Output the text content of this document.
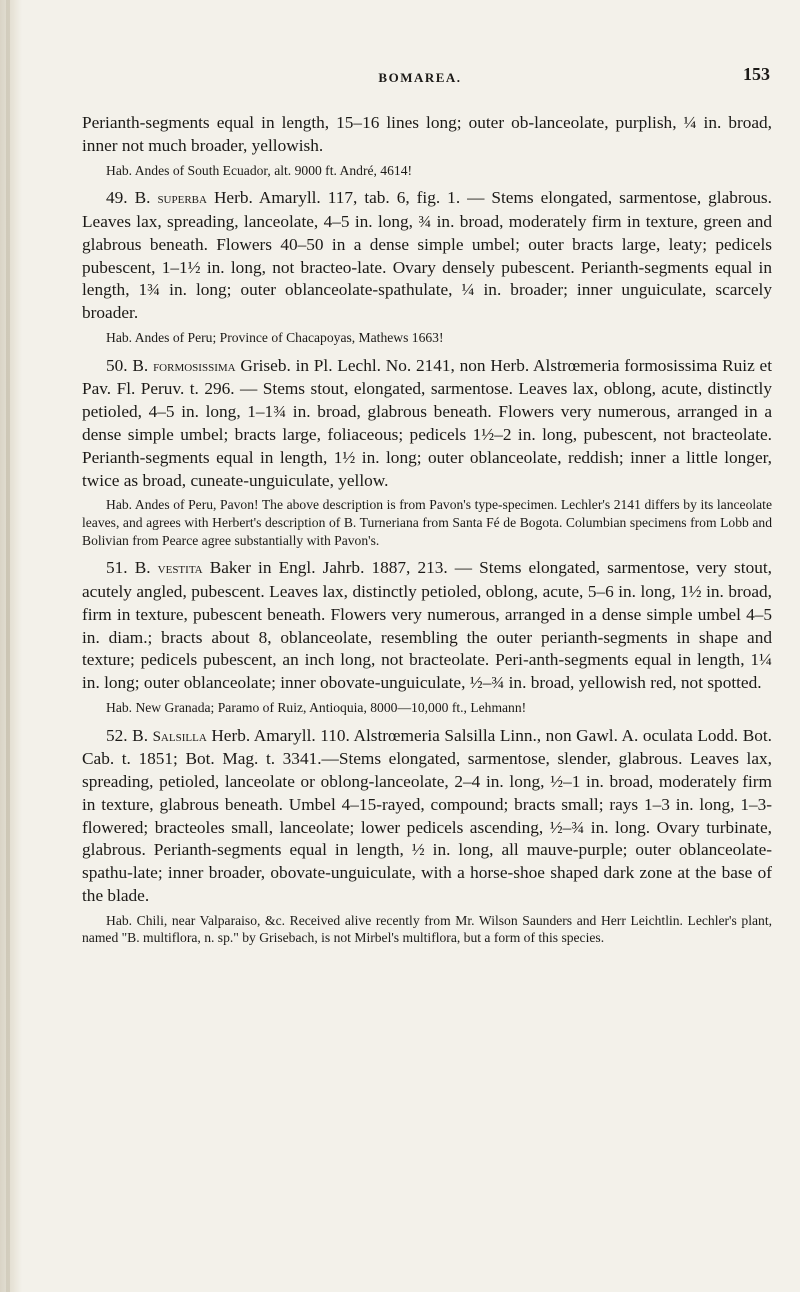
BOMAREA.	153

Perianth-segments equal in length, 15–16 lines long; outer ob-lanceolate, purplish, ¼ in. broad, inner not much broader, yellowish.

Hab. Andes of South Ecuador, alt. 9000 ft. André, 4614!

49. B. superba Herb. Amaryll. 117, tab. 6, fig. 1. — Stems elongated, sarmentose, glabrous. Leaves lax, spreading, lanceolate, 4–5 in. long, ¾ in. broad, moderately firm in texture, green and glabrous beneath. Flowers 40–50 in a dense simple umbel; outer bracts large, leaty; pedicels pubescent, 1–1½ in. long, not bracteo-late. Ovary densely pubescent. Perianth-segments equal in length, 1¾ in. long; outer oblanceolate-spathulate, ¼ in. broader; inner unguiculate, scarcely broader.

Hab. Andes of Peru; Province of Chacapoyas, Mathews 1663!

50. B. formosissima Griseb. in Pl. Lechl. No. 2141, non Herb. Alstrœmeria formosissima Ruiz et Pav. Fl. Peruv. t. 296. — Stems stout, elongated, sarmentose. Leaves lax, oblong, acute, distinctly petioled, 4–5 in. long, 1–1¾ in. broad, glabrous beneath. Flowers very numerous, arranged in a dense simple umbel; bracts large, foliaceous; pedicels 1½–2 in. long, pubescent, not bracteolate. Perianth-segments equal in length, 1½ in. long; outer oblanceolate, reddish; inner a little longer, twice as broad, cuneate-unguiculate, yellow.

Hab. Andes of Peru, Pavon! The above description is from Pavon's type-specimen. Lechler's 2141 differs by its lanceolate leaves, and agrees with Herbert's description of B. Turneriana from Santa Fé de Bogota. Columbian specimens from Lobb and Bolivian from Pearce agree substantially with Pavon's.

51. B. vestita Baker in Engl. Jahrb. 1887, 213. — Stems elongated, sarmentose, very stout, acutely angled, pubescent. Leaves lax, distinctly petioled, oblong, acute, 5–6 in. long, 1½ in. broad, firm in texture, pubescent beneath. Flowers very numerous, arranged in a dense simple umbel 4–5 in. diam.; bracts about 8, oblanceolate, resembling the outer perianth-segments in shape and texture; pedicels pubescent, an inch long, not bracteolate. Peri-anth-segments equal in length, 1¼ in. long; outer oblanceolate; inner obovate-unguiculate, ½–¾ in. broad, yellowish red, not spotted.

Hab. New Granada; Paramo of Ruiz, Antioquia, 8000—10,000 ft., Lehmann!

52. B. Salsilla Herb. Amaryll. 110. Alstrœmeria Salsilla Linn., non Gawl. A. oculata Lodd. Bot. Cab. t. 1851; Bot. Mag. t. 3341.—Stems elongated, sarmentose, slender, glabrous. Leaves lax, spreading, petioled, lanceolate or oblong-lanceolate, 2–4 in. long, ½–1 in. broad, moderately firm in texture, glabrous beneath. Umbel 4–15-rayed, compound; bracts small; rays 1–3 in. long, 1–3-flowered; bracteoles small, lanceolate; lower pedicels ascending, ½–¾ in. long. Ovary turbinate, glabrous. Perianth-segments equal in length, ½ in. long, all mauve-purple; outer oblanceolate-spathu-late; inner broader, obovate-unguiculate, with a horse-shoe shaped dark zone at the base of the blade.

Hab. Chili, near Valparaiso, &c. Received alive recently from Mr. Wilson Saunders and Herr Leichtlin. Lechler's plant, named "B. multiflora, n. sp." by Grisebach, is not Mirbel's multiflora, but a form of this species.
